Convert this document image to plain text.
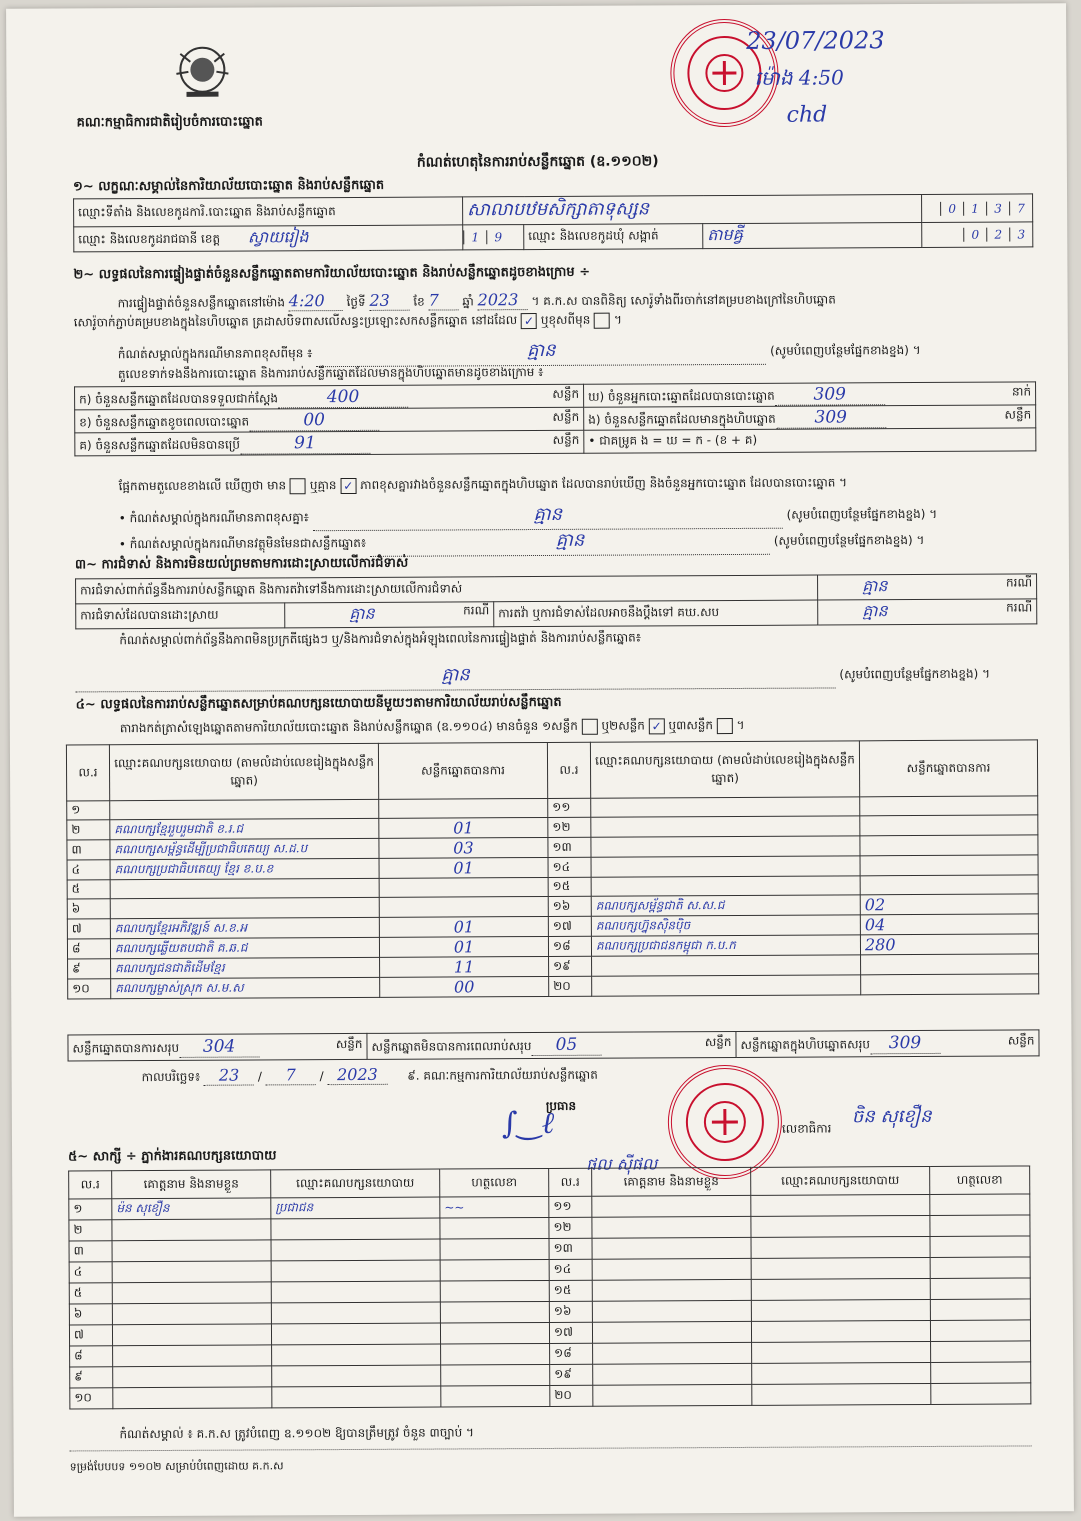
គណៈកម្មាធិការជាតិរៀបចំការបោះឆ្នោត
23/07/2023
ម៉ោង 4:50
chd
កំណត់ហេតុនៃការរាប់សន្លឹកឆ្នោត (ឧ.១១០២)
១~ លក្ខណៈសម្គាល់នៃការិយាល័យបោះឆ្នោត និងរាប់សន្លឹកឆ្នោត
ឈ្មោះទីតាំង និងលេខកូដការិ.បោះឆ្នោត និងរាប់សន្លឹកឆ្នោត	សាលាបឋមសិក្សាតាទុស្សន			0 1 3 7
ឈ្មោះ និងលេខកូដរាជធានី ខេត្ត ស្វាយរៀង	1 9	ឈ្មោះ និងលេខកូដឃុំ សង្កាត់	តាមឝ្វី	0 2 3
២~ លទ្ធផលនៃការផ្ទៀងផ្ទាត់ចំនួនសន្លឹកឆ្នោតតាមការិយាល័យបោះឆ្នោត និងរាប់សន្លឹកឆ្នោតដូចខាងក្រោម ÷
ការផ្ទៀងផ្ទាត់ចំនួនសន្លឹកឆ្នោតនៅម៉ោង 4:20 ថ្ងៃទី 23 ខែ 7 ឆ្នាំ 2023 ។ គ.ក.ស បានពិនិត្យ សោរ៉ូទាំងពីរចាក់នៅគម្របខាងក្រៅនៃហិបឆ្នោត
សោរ៉ូចាក់ភ្ជាប់គម្របខាងក្នុងនៃហិបឆ្នោត ត្រដាសបិទពាសលើសន្ធះប្រឡោះសកសន្លឹកឆ្នោត នៅដដែល ✓ ឬខុសពីមុន  ។
កំណត់សម្គាល់ក្នុងករណីមានភាពខុសពីមុន ៖	គ្មាន	(សូមបំពេញបន្ថែមផ្នែកខាងខ្នង) ។
តួលេខទាក់ទងនឹងការបោះឆ្នោត និងការរាប់សន្លឹកឆ្នោតដែលមានក្នុងហិបឆ្នោតមានដូចខាងក្រោម ៖
ក) ចំនួនសន្លឹកឆ្នោតដែលបានទទួលជាក់ស្តែង 400 សន្លឹក	ឃ) ចំនួនអ្នកបោះឆ្នោតដែលបានបោះឆ្នោត 309 នាក់

ខ) ចំនួនសន្លឹកឆ្នោតខូចពេលបោះឆ្នោត 00 សន្លឹក	ង) ចំនួនសន្លឹកឆ្នោតដែលមានក្នុងហិបឆ្នោត 309 សន្លឹក

គ) ចំនួនសន្លឹកឆ្នោតដែលមិនបានប្រើ 91 សន្លឹក	• ជាគម្រូគ ង = ឃ = ក - (ខ + គ)
ផ្អែកតាមតួលេខខាងលើ ឃើញថា មាន ឬគ្មាន ✓ ភាពខុសគ្នារវាងចំនួនសន្លឹកឆ្នោតក្នុងហិបឆ្នោត ដែលបានរាប់ឃើញ និងចំនួនអ្នកបោះឆ្នោត ដែលបានបោះឆ្នោត ។
• កំណត់សម្គាល់ក្នុងករណីមានភាពខុសគ្នា៖	គ្មាន	(សូមបំពេញបន្ថែមផ្នែកខាងខ្នង) ។
• កំណត់សម្គាល់ក្នុងករណីមានវត្ថុមិនមែនជាសន្លឹកឆ្នោត៖	គ្មាន	(សូមបំពេញបន្ថែមផ្នែកខាងខ្នង) ។
៣~ ការជំទាស់ និងការមិនយល់ព្រមតាមការដោះស្រាយលើការជំទាស់
ការជំទាស់ពាក់ព័ន្ធនឹងការរាប់សន្លឹកឆ្នោត និងការតវ៉ាទៅនឹងការដោះស្រាយលើការជំទាស់			គ្មាន ករណី

ការជំទាស់ដែលបានដោះស្រាយ	គ្មាន ករណី	ការតវ៉ា ឬការជំទាស់ដែលអាចនឹងប្តឹងទៅ គឃ.សប	គ្មាន ករណី
កំណត់សម្គាល់ពាក់ព័ន្ធនឹងភាពមិនប្រក្រតីផ្សេងៗ ឬ/និងការជំទាស់ក្នុងអំឡុងពេលនៃការផ្ទៀងផ្ទាត់ និងការរាប់សន្លឹកឆ្នោត៖
គ្មាន	(សូមបំពេញបន្ថែមផ្នែកខាងខ្នង) ។
៤~ លទ្ធផលនៃការរាប់សន្លឹកឆ្នោតសម្រាប់គណបក្សនយោបាយនីមួយៗតាមការិយាល័យរាប់សន្លឹកឆ្នោត
តារាងកត់ត្រាសំឡេងឆ្នោតតាមការិយាល័យបោះឆ្នោត និងរាប់សន្លឹកឆ្នោត (ឧ.១១០៤) មានចំនួន ១សន្លឹក ឬ២សន្លឹក ✓ ឬ៣សន្លឹក  ។
ល.រ	ឈ្មោះគណបក្សនយោបាយ (តាមលំដាប់លេខរៀងក្នុងសន្លឹកឆ្នោត)	សន្លឹកឆ្នោតបានការ	ល.រ	ឈ្មោះគណបក្សនយោបាយ (តាមលំដាប់លេខរៀងក្នុងសន្លឹកឆ្នោត)	សន្លឹកឆ្នោតបានការ
១			១១		
២	គណបក្សខ្មែររួបរួមជាតិ ខ.រ.ជ	01	១២		
៣	គណបក្សសម្ព័ន្ធដើម្បីប្រជាធិបតេយ្យ ស.ដ.ប	03	១៣		
៤	គណបក្សប្រជាធិបតេយ្យ ខ្មែរ ខ.ប.ខ	01	១៤		
៥			១៥		
៦			១៦	គណបក្សសម្ព័ន្ធជាតិ ស.ស.ជ	02
៧	គណបក្សខ្មែរអភិវឌ្ឍន៍ ស.ខ.អ	01	១៧	គណបក្សហ្វ៊ុនស៊ិនប៉ិច	04
៨	គណបក្សឆ្លើយតបជាតិ គ.ឆ.ជ	01	១៨	គណបក្សប្រជាជនកម្ពុជា ក.ប.ក	280
៩	គណបក្សជនជាតិដើមខ្មែរ	11	១៩		
១០	គណបក្សម្ចាស់ស្រុក ស.ម.ស	00	២០		
សន្លឹកឆ្នោតបានការសរុប 304	សន្លឹក	សន្លឹកឆ្នោតមិនបានការពេលរាប់សរុប 05	សន្លឹក	សន្លឹកឆ្នោតក្នុងហិបឆ្នោតសរុប 309	សន្លឹក
កាលបរិច្ឆេទ៖ 23 / 7 / 2023 ៩. គណៈកម្មការការិយាល័យរាប់សន្លឹកឆ្នោត
ប្រធាន
∫‿ℓ
ផល ស៊ីផល
លេខាធិការ
ចិន សុខឿន
៥~ សាក្សី ÷ ភ្នាក់ងារគណបក្សនយោបាយ
ល.រ	គោត្តនាម និងនាមខ្លួន	ឈ្មោះគណបក្សនយោបាយ	ហត្ថលេខា	ល.រ	គោត្តនាម និងនាមខ្លួន	ឈ្មោះគណបក្សនយោបាយ	ហត្ថលេខា
១	ម៉ន សុខឿន	ប្រជាជន	~~	១១			
២				១២			
៣				១៣			
៤				១៤			
៥				១៥			
៦				១៦			
៧				១៧			
៨				១៨			
៩				១៩			
១០				២០			
កំណត់សម្គាល់ ៖ គ.ក.ស ត្រូវបំពេញ ឧ.១១០២ ឱ្យបានត្រឹមត្រូវ ចំនួន ៣ច្បាប់ ។
ទម្រង់បែបបទ ១១០២ សម្រាប់បំពេញដោយ គ.ក.ស
